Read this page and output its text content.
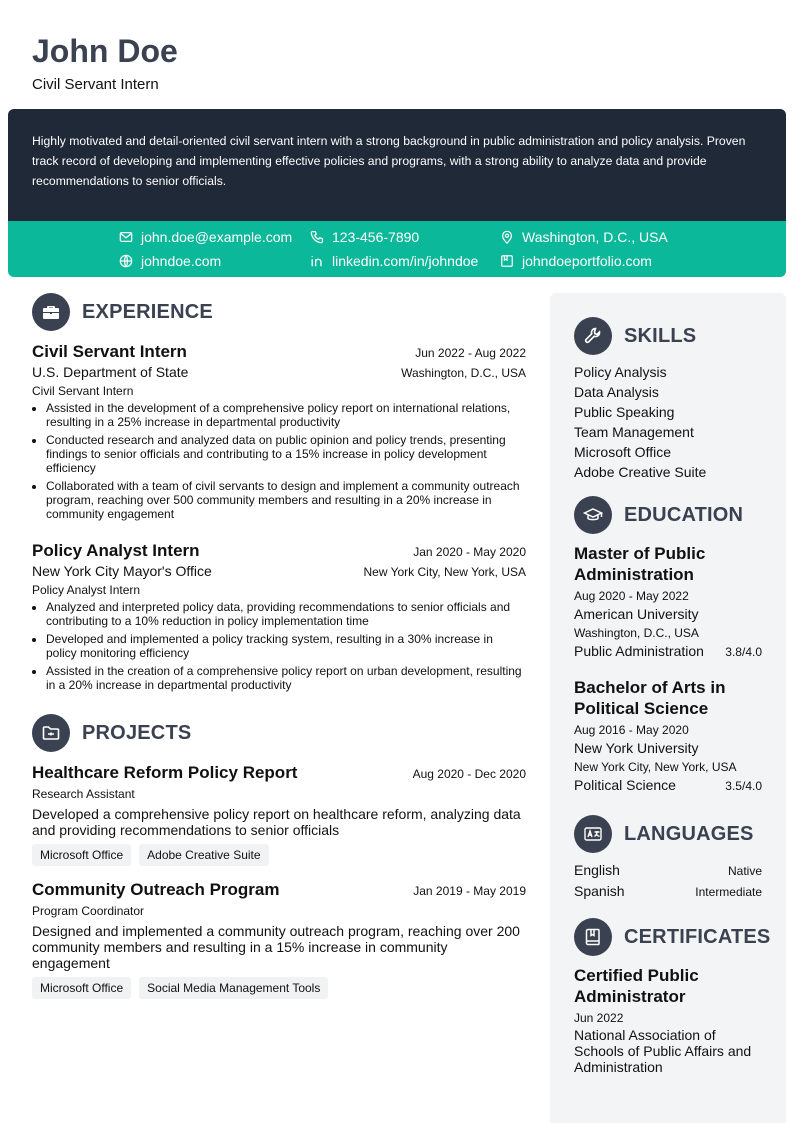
John Doe
Civil Servant Intern

Highly motivated and detail-oriented civil servant intern with a strong background in public administration and policy analysis. Proven track record of developing and implementing effective policies and programs, with a strong ability to analyze data and provide recommendations to senior officials.

john.doe@example.com	123-456-7890	Washington, D.C., USA
johndoe.com	linkedin.com/in/johndoe	johndoeportfolio.com
EXPERIENCE
Civil Servant Intern	Jun 2022 - Aug 2022
U.S. Department of State	Washington, D.C., USA
Civil Servant Intern
• Assisted in the development of a comprehensive policy report on international relations, resulting in a 25% increase in departmental productivity
• Conducted research and analyzed data on public opinion and policy trends, presenting findings to senior officials and contributing to a 15% increase in policy development efficiency
• Collaborated with a team of civil servants to design and implement a community outreach program, reaching over 500 community members and resulting in a 20% increase in community engagement
Policy Analyst Intern	Jan 2020 - May 2020
New York City Mayor's Office	New York City, New York, USA
Policy Analyst Intern
• Analyzed and interpreted policy data, providing recommendations to senior officials and contributing to a 10% reduction in policy implementation time
• Developed and implemented a policy tracking system, resulting in a 30% increase in policy monitoring efficiency
• Assisted in the creation of a comprehensive policy report on urban development, resulting in a 20% increase in departmental productivity
PROJECTS
Healthcare Reform Policy Report	Aug 2020 - Dec 2020
Research Assistant
Developed a comprehensive policy report on healthcare reform, analyzing data and providing recommendations to senior officials
Microsoft Office	Adobe Creative Suite
Community Outreach Program	Jan 2019 - May 2019
Program Coordinator
Designed and implemented a community outreach program, reaching over 200 community members and resulting in a 15% increase in community engagement
Microsoft Office	Social Media Management Tools
SKILLS
Policy Analysis
Data Analysis
Public Speaking
Team Management
Microsoft Office
Adobe Creative Suite
EDUCATION
Master of Public Administration
Aug 2020 - May 2022
American University
Washington, D.C., USA
Public Administration 3.8/4.0
Bachelor of Arts in Political Science
Aug 2016 - May 2020
New York University
New York City, New York, USA
Political Science	3.5/4.0
LANGUAGES
English	Native
Spanish	Intermediate
CERTIFICATES
Certified Public Administrator
Jun 2022
National Association of Schools of Public Affairs and Administration
